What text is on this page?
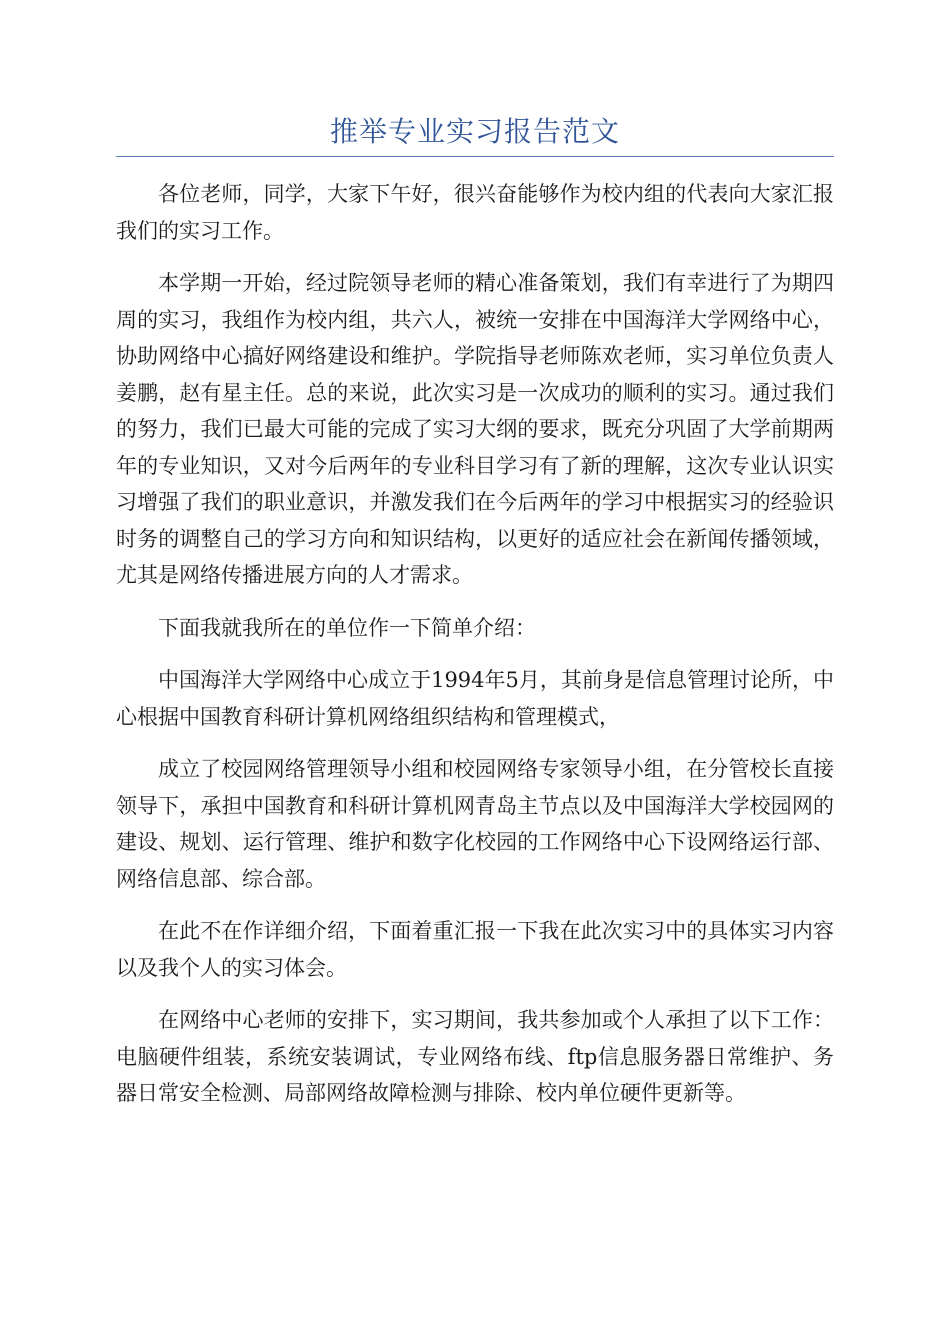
推举专业实习报告范文

各位老师，同学，大家下午好，很兴奋能够作为校内组的代表向大家汇报我们的实习工作。

本学期一开始，经过院领导老师的精心准备策划，我们有幸进行了为期四周的实习，我组作为校内组，共六人，被统一安排在中国海洋大学网络中心，协助网络中心搞好网络建设和维护。学院指导老师陈欢老师，实习单位负责人姜鹏，赵有星主任。总的来说，此次实习是一次成功的顺利的实习。通过我们的努力，我们已最大可能的完成了实习大纲的要求，既充分巩固了大学前期两年的专业知识，又对今后两年的专业科目学习有了新的理解，这次专业认识实习增强了我们的职业意识，并激发我们在今后两年的学习中根据实习的经验识时务的调整自己的学习方向和知识结构，以更好的适应社会在新闻传播领域，尤其是网络传播进展方向的人才需求。

下面我就我所在的单位作一下简单介绍：

中国海洋大学网络中心成立于1994年5月，其前身是信息管理讨论所，中心根据中国教育科研计算机网络组织结构和管理模式，

成立了校园网络管理领导小组和校园网络专家领导小组，在分管校长直接领导下，承担中国教育和科研计算机网青岛主节点以及中国海洋大学校园网的建设、规划、运行管理、维护和数字化校园的工作网络中心下设网络运行部、网络信息部、综合部。

在此不在作详细介绍，下面着重汇报一下我在此次实习中的具体实习内容以及我个人的实习体会。

在网络中心老师的安排下，实习期间，我共参加或个人承担了以下工作：电脑硬件组装，系统安装调试，专业网络布线、ftp信息服务器日常维护、务器日常安全检测、局部网络故障检测与排除、校内单位硬件更新等。
